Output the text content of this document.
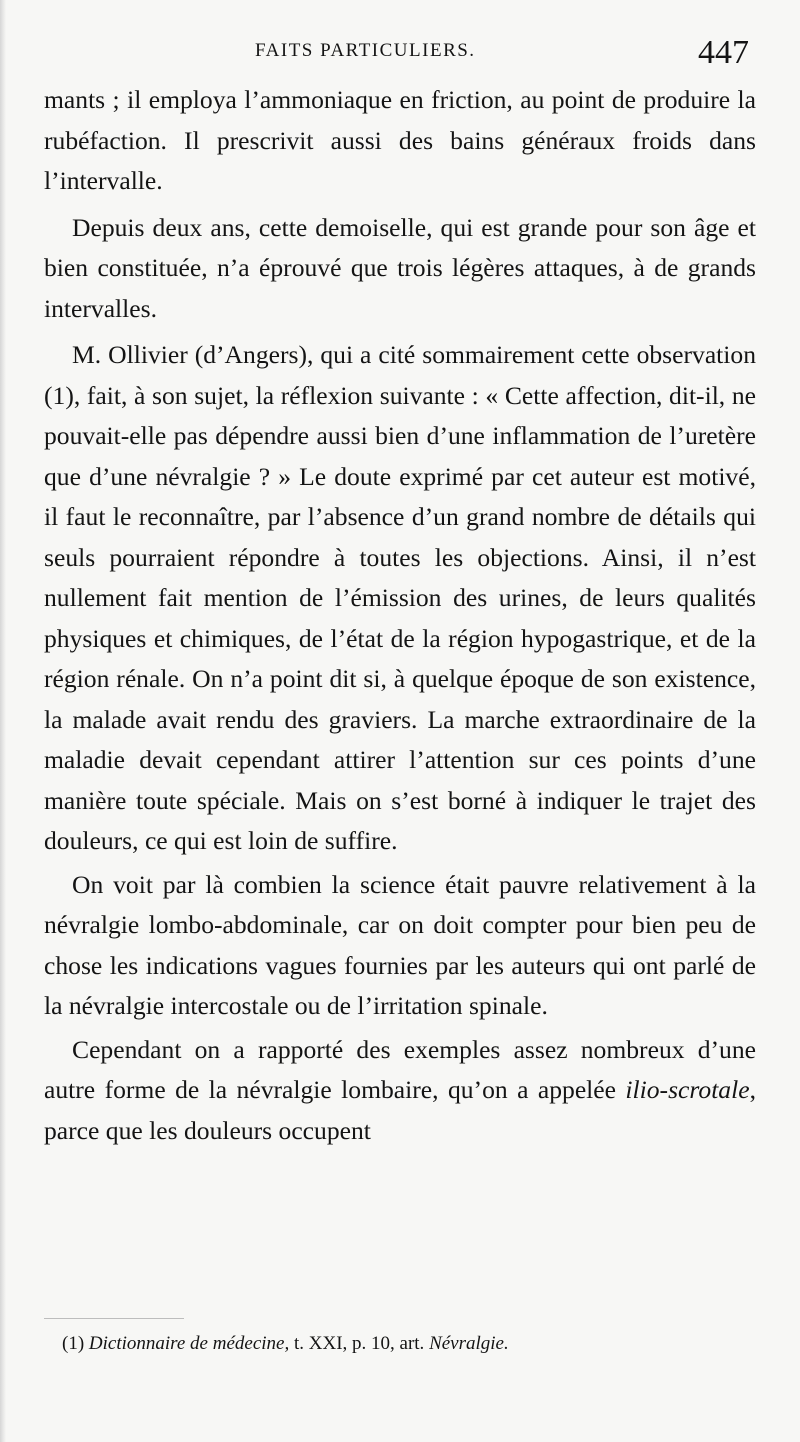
FAITS PARTICULIERS.	447

mants ; il employa l’ammoniaque en friction, au point de produire la rubéfaction. Il prescrivit aussi des bains généraux froids dans l’intervalle.

Depuis deux ans, cette demoiselle, qui est grande pour son âge et bien constituée, n’a éprouvé que trois légères attaques, à de grands intervalles.

M. Ollivier (d’Angers), qui a cité sommairement cette observation (1), fait, à son sujet, la réflexion suivante : « Cette affection, dit-il, ne pouvait-elle pas dépendre aussi bien d’une inflammation de l’uretère que d’une névralgie ? » Le doute exprimé par cet auteur est motivé, il faut le reconnaître, par l’absence d’un grand nombre de détails qui seuls pourraient répondre à toutes les objections. Ainsi, il n’est nullement fait mention de l’émission des urines, de leurs qualités physiques et chimiques, de l’état de la région hypogastrique, et de la région rénale. On n’a point dit si, à quelque époque de son existence, la malade avait rendu des graviers. La marche extraordinaire de la maladie devait cependant attirer l’attention sur ces points d’une manière toute spéciale. Mais on s’est borné à indiquer le trajet des douleurs, ce qui est loin de suffire.

On voit par là combien la science était pauvre relativement à la névralgie lombo-abdominale, car on doit compter pour bien peu de chose les indications vagues fournies par les auteurs qui ont parlé de la névralgie intercostale ou de l’irritation spinale.

Cependant on a rapporté des exemples assez nombreux d’une autre forme de la névralgie lombaire, qu’on a appelée ilio-scrotale, parce que les douleurs occupent

(1) Dictionnaire de médecine, t. XXI, p. 10, art. Névralgie.
